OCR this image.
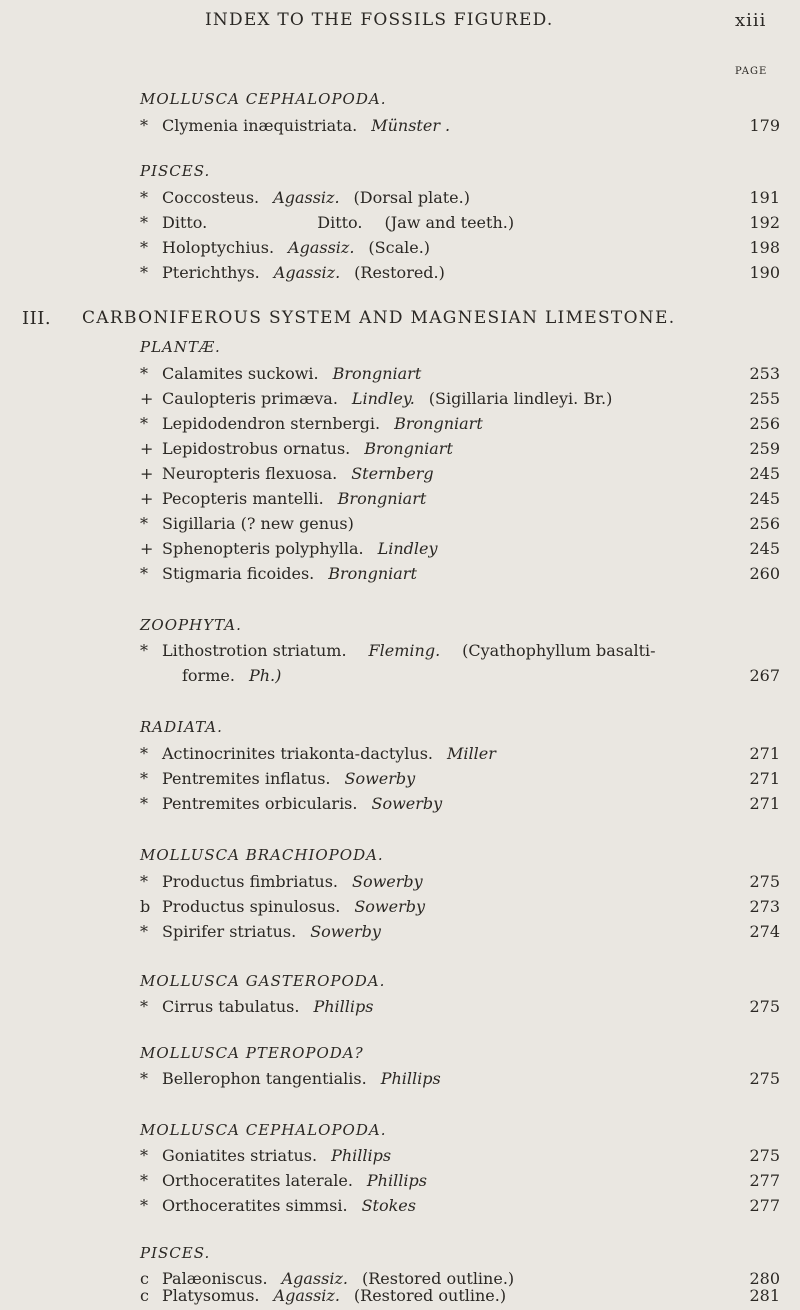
INDEX TO THE FOSSILS FIGURED.	xiii
PAGE
MOLLUSCA CEPHALOPODA.
* Clymenia inæquistriata. Münster .	179
PISCES.
* Coccosteus. Agassiz. (Dorsal plate.)	191
* Ditto.	Ditto. (Jaw and teeth.)	192
* Holoptychius. Agassiz. (Scale.)	198
* Pterichthys. Agassiz. (Restored.)	190
III. CARBONIFEROUS SYSTEM AND MAGNESIAN LIMESTONE.
PLANTÆ.
* Calamites suckowi. Brongniart	253
+ Caulopteris primæva. Lindley. (Sigillaria lindleyi. Br.)	255
* Lepidodendron sternbergi. Brongniart	256
+ Lepidostrobus ornatus. Brongniart	259
+ Neuropteris flexuosa. Sternberg	245
+ Pecopteris mantelli. Brongniart	245
* Sigillaria (? new genus)	256
+ Sphenopteris polyphylla. Lindley	245
* Stigmaria ficoides. Brongniart	260
ZOOPHYTA.
* Lithostrotion striatum. Fleming. (Cyathophyllum basalti-
forme. Ph.)	267
RADIATA.
* Actinocrinites triakonta-dactylus. Miller	271
* Pentremites inflatus. Sowerby	271
* Pentremites orbicularis. Sowerby	271
MOLLUSCA BRACHIOPODA.
* Productus fimbriatus. Sowerby	275
b Productus spinulosus. Sowerby	273
* Spirifer striatus. Sowerby	274
MOLLUSCA GASTEROPODA.
* Cirrus tabulatus. Phillips	275
MOLLUSCA PTEROPODA?
* Bellerophon tangentialis. Phillips	275
MOLLUSCA CEPHALOPODA.
* Goniatites striatus. Phillips	275
* Orthoceratites laterale. Phillips	277
* Orthoceratites simmsi. Stokes	277
PISCES.
c Palæoniscus. Agassiz. (Restored outline.)	280
c Platysomus. Agassiz. (Restored outline.)	281
